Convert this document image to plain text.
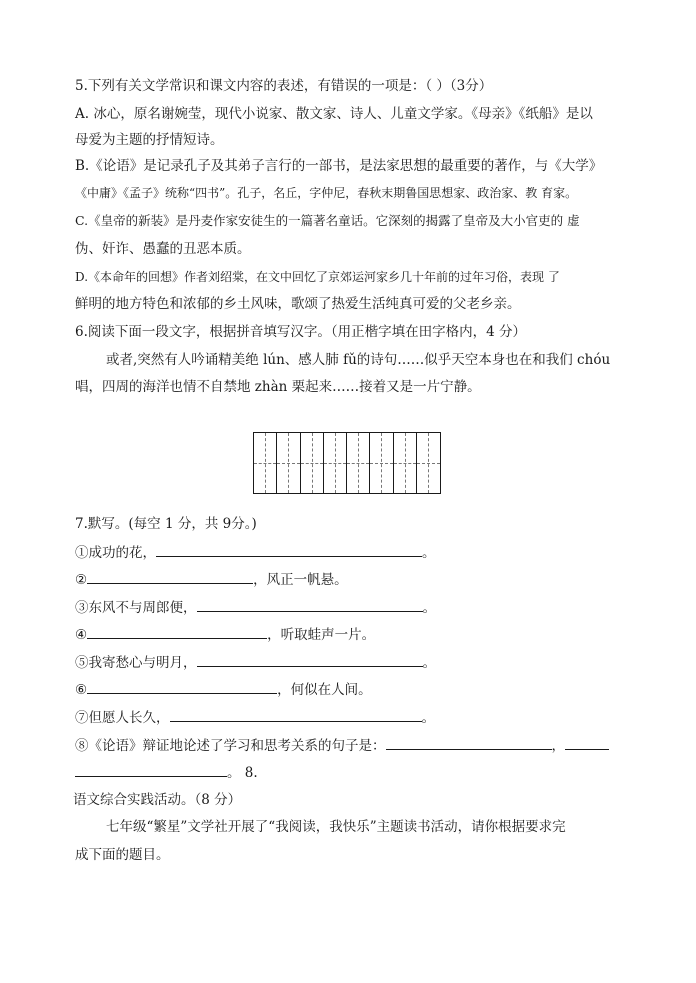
5.下列有关文学常识和课文内容的表述，有错误的一项是：（ ）（3分）
A. 冰心，原名谢婉莹，现代小说家、散文家、诗人、儿童文学家。《母亲》《纸船》是以
母爱为主题的抒情短诗。
B.《论语》是记录孔子及其弟子言行的一部书，是法家思想的最重要的著作，与《大学》
《中庸》《孟子》统称“四书”。孔子，名丘，字仲尼，春秋末期鲁国思想家、政治家、教 育家。
C.《皇帝的新装》是丹麦作家安徒生的一篇著名童话。它深刻的揭露了皇帝及大小官吏的 虚
伪、奸诈、愚蠢的丑恶本质。
D.《本命年的回想》作者刘绍棠，在文中回忆了京郊运河家乡几十年前的过年习俗，表现 了
鲜明的地方特色和浓郁的乡土风味，歌颂了热爱生活纯真可爱的父老乡亲。
6.阅读下面一段文字，根据拼音填写汉字。（用正楷字填在田字格内，4 分）
或者,突然有人吟诵精美绝 lún、感人肺 fǔ的诗句……似乎天空本身也在和我们 chóu
唱，四周的海洋也情不自禁地 zhàn 栗起来……接着又是一片宁静。
7.默写。(每空 1 分，共 9分。)
①成功的花，	。
②	，风正一帆悬。
③东风不与周郎便，	。
④	，听取蛙声一片。
⑤我寄愁心与明月，	。
⑥	，何似在人间。
⑦但愿人长久，	。
⑧《论语》辩证地论述了学习和思考关系的句子是：	，
。 8.
语文综合实践活动。（8 分）
七年级“繁星”文学社开展了“我阅读，我快乐”主题读书活动，请你根据要求完
成下面的题目。
